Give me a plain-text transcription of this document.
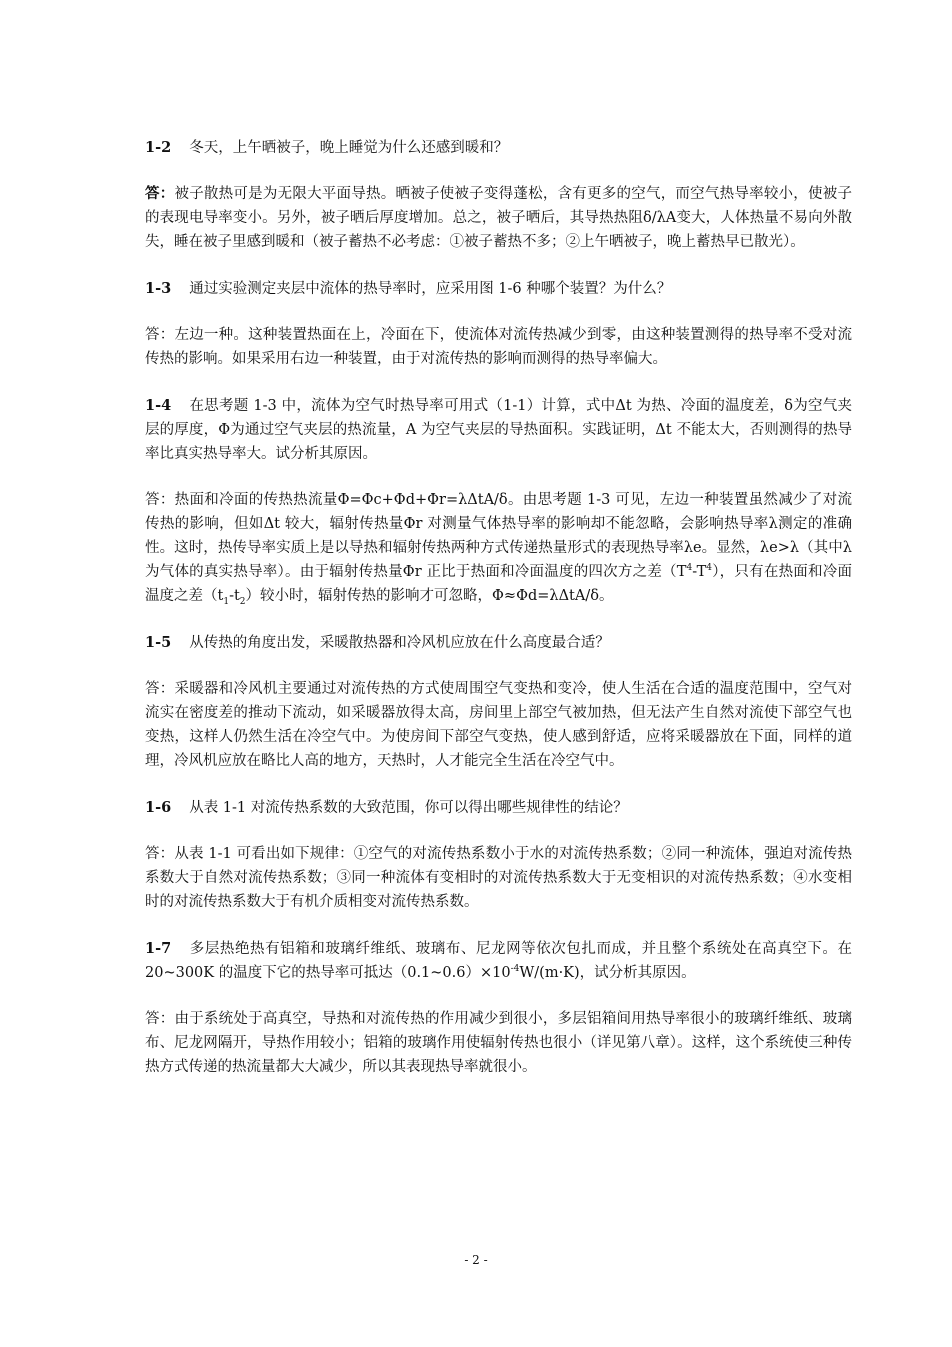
1-2 冬天，上午晒被子，晚上睡觉为什么还感到暖和？

答：被子散热可是为无限大平面导热。晒被子使被子变得蓬松，含有更多的空气，而空气热导率较小，使被子的表现电导率变小。另外，被子晒后厚度增加。总之，被子晒后，其导热热阻δ/λA变大，人体热量不易向外散失，睡在被子里感到暖和（被子蓄热不必考虑：①被子蓄热不多；②上午晒被子，晚上蓄热早已散光）。

1-3 通过实验测定夹层中流体的热导率时，应采用图 1-6 种哪个装置？为什么？

答：左边一种。这种装置热面在上，冷面在下，使流体对流传热减少到零，由这种装置测得的热导率不受对流传热的影响。如果采用右边一种装置，由于对流传热的影响而测得的热导率偏大。

1-4 在思考题 1-3 中，流体为空气时热导率可用式（1-1）计算，式中Δt 为热、冷面的温度差，δ为空气夹层的厚度，Φ为通过空气夹层的热流量，A 为空气夹层的导热面积。实践证明，Δt 不能太大，否则测得的热导率比真实热导率大。试分析其原因。

答：热面和冷面的传热热流量Φ=Φc+Φd+Φr=λΔtA/δ。由思考题 1-3 可见，左边一种装置虽然减少了对流传热的影响，但如Δt 较大，辐射传热量Φr 对测量气体热导率的影响却不能忽略，会影响热导率λ测定的准确性。这时，热传导率实质上是以导热和辐射传热两种方式传递热量形式的表现热导率λe。显然，λe>λ（其中λ为气体的真实热导率）。由于辐射传热量Φr 正比于热面和冷面温度的四次方之差$(T^4-T^4)$，只有在热面和冷面温度之差$(t_1-t_2)$较小时，辐射传热的影响才可忽略，Φ≈Φd=λΔtA/δ。

1-5 从传热的角度出发，采暖散热器和冷风机应放在什么高度最合适？

答：采暖器和冷风机主要通过对流传热的方式使周围空气变热和变冷，使人生活在合适的温度范围中，空气对流实在密度差的推动下流动，如采暖器放得太高，房间里上部空气被加热，但无法产生自然对流使下部空气也变热，这样人仍然生活在冷空气中。为使房间下部空气变热，使人感到舒适，应将采暖器放在下面，同样的道理，冷风机应放在略比人高的地方，天热时，人才能完全生活在冷空气中。

1-6 从表 1-1 对流传热系数的大致范围，你可以得出哪些规律性的结论？

答：从表 1-1 可看出如下规律：①空气的对流传热系数小于水的对流传热系数；②同一种流体，强迫对流传热系数大于自然对流传热系数；③同一种流体有变相时的对流传热系数大于无变相识的对流传热系数；④水变相时的对流传热系数大于有机介质相变对流传热系数。

1-7 多层热绝热有铝箱和玻璃纤维纸、玻璃布、尼龙网等依次包扎而成，并且整个系统处在高真空下。在 20~300K 的温度下它的热导率可抵达$(0.1\sim 0.6)\times 10^{-4}W/(m\cdot K)$，试分析其原因。

答：由于系统处于高真空，导热和对流传热的作用减少到很小，多层铝箱间用热导率很小的玻璃纤维纸、玻璃布、尼龙网隔开，导热作用较小；铝箱的玻璃作用使辐射传热也很小（详见第八章）。这样，这个系统使三种传热方式传递的热流量都大大减少，所以其表现热导率就很小。

- 2 -
